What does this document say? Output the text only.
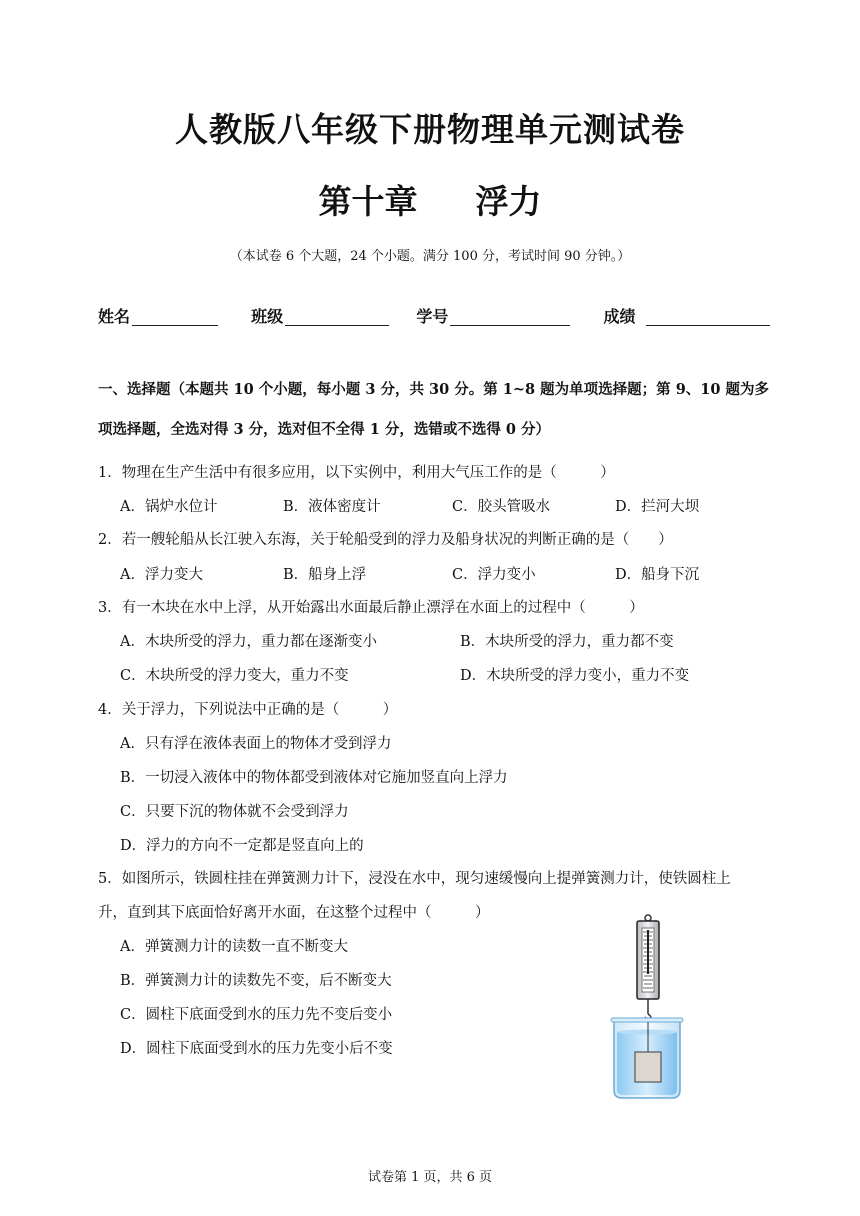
人教版八年级下册物理单元测试卷
第十章 浮力
（本试卷 6 个大题，24 个小题。满分 100 分，考试时间 90 分钟。）
姓名	班级	学号	成绩
一、选择题（本题共 10 个小题，每小题 3 分，共 30 分。第 1~8 题为单项选择题；第 9、10 题为多
项选择题，全选对得 3 分，选对但不全得 1 分，选错或不选得 0 分）
1．物理在生产生活中有很多应用，以下实例中，利用大气压工作的是（　　　）
A．锅炉水位计	B．液体密度计	C．胶头管吸水	D．拦河大坝
2．若一艘轮船从长江驶入东海，关于轮船受到的浮力及船身状况的判断正确的是（　　）
A．浮力变大	B．船身上浮	C．浮力变小	D．船身下沉
3．有一木块在水中上浮，从开始露出水面最后静止漂浮在水面上的过程中（　　　）
A．木块所受的浮力，重力都在逐渐变小	B．木块所受的浮力，重力都不变
C．木块所受的浮力变大，重力不变	D．木块所受的浮力变小，重力不变
4．关于浮力，下列说法中正确的是（　　　）
A．只有浮在液体表面上的物体才受到浮力
B．一切浸入液体中的物体都受到液体对它施加竖直向上浮力
C．只要下沉的物体就不会受到浮力
D．浮力的方向不一定都是竖直向上的
5．如图所示，铁圆柱挂在弹簧测力计下，浸没在水中，现匀速缓慢向上提弹簧测力计，使铁圆柱上
升，直到其下底面恰好离开水面，在这整个过程中（　　　）
A．弹簧测力计的读数一直不断变大
B．弹簧测力计的读数先不变，后不断变大
C．圆柱下底面受到水的压力先不变后变小
D．圆柱下底面受到水的压力先变小后不变
试卷第 1 页，共 6 页
